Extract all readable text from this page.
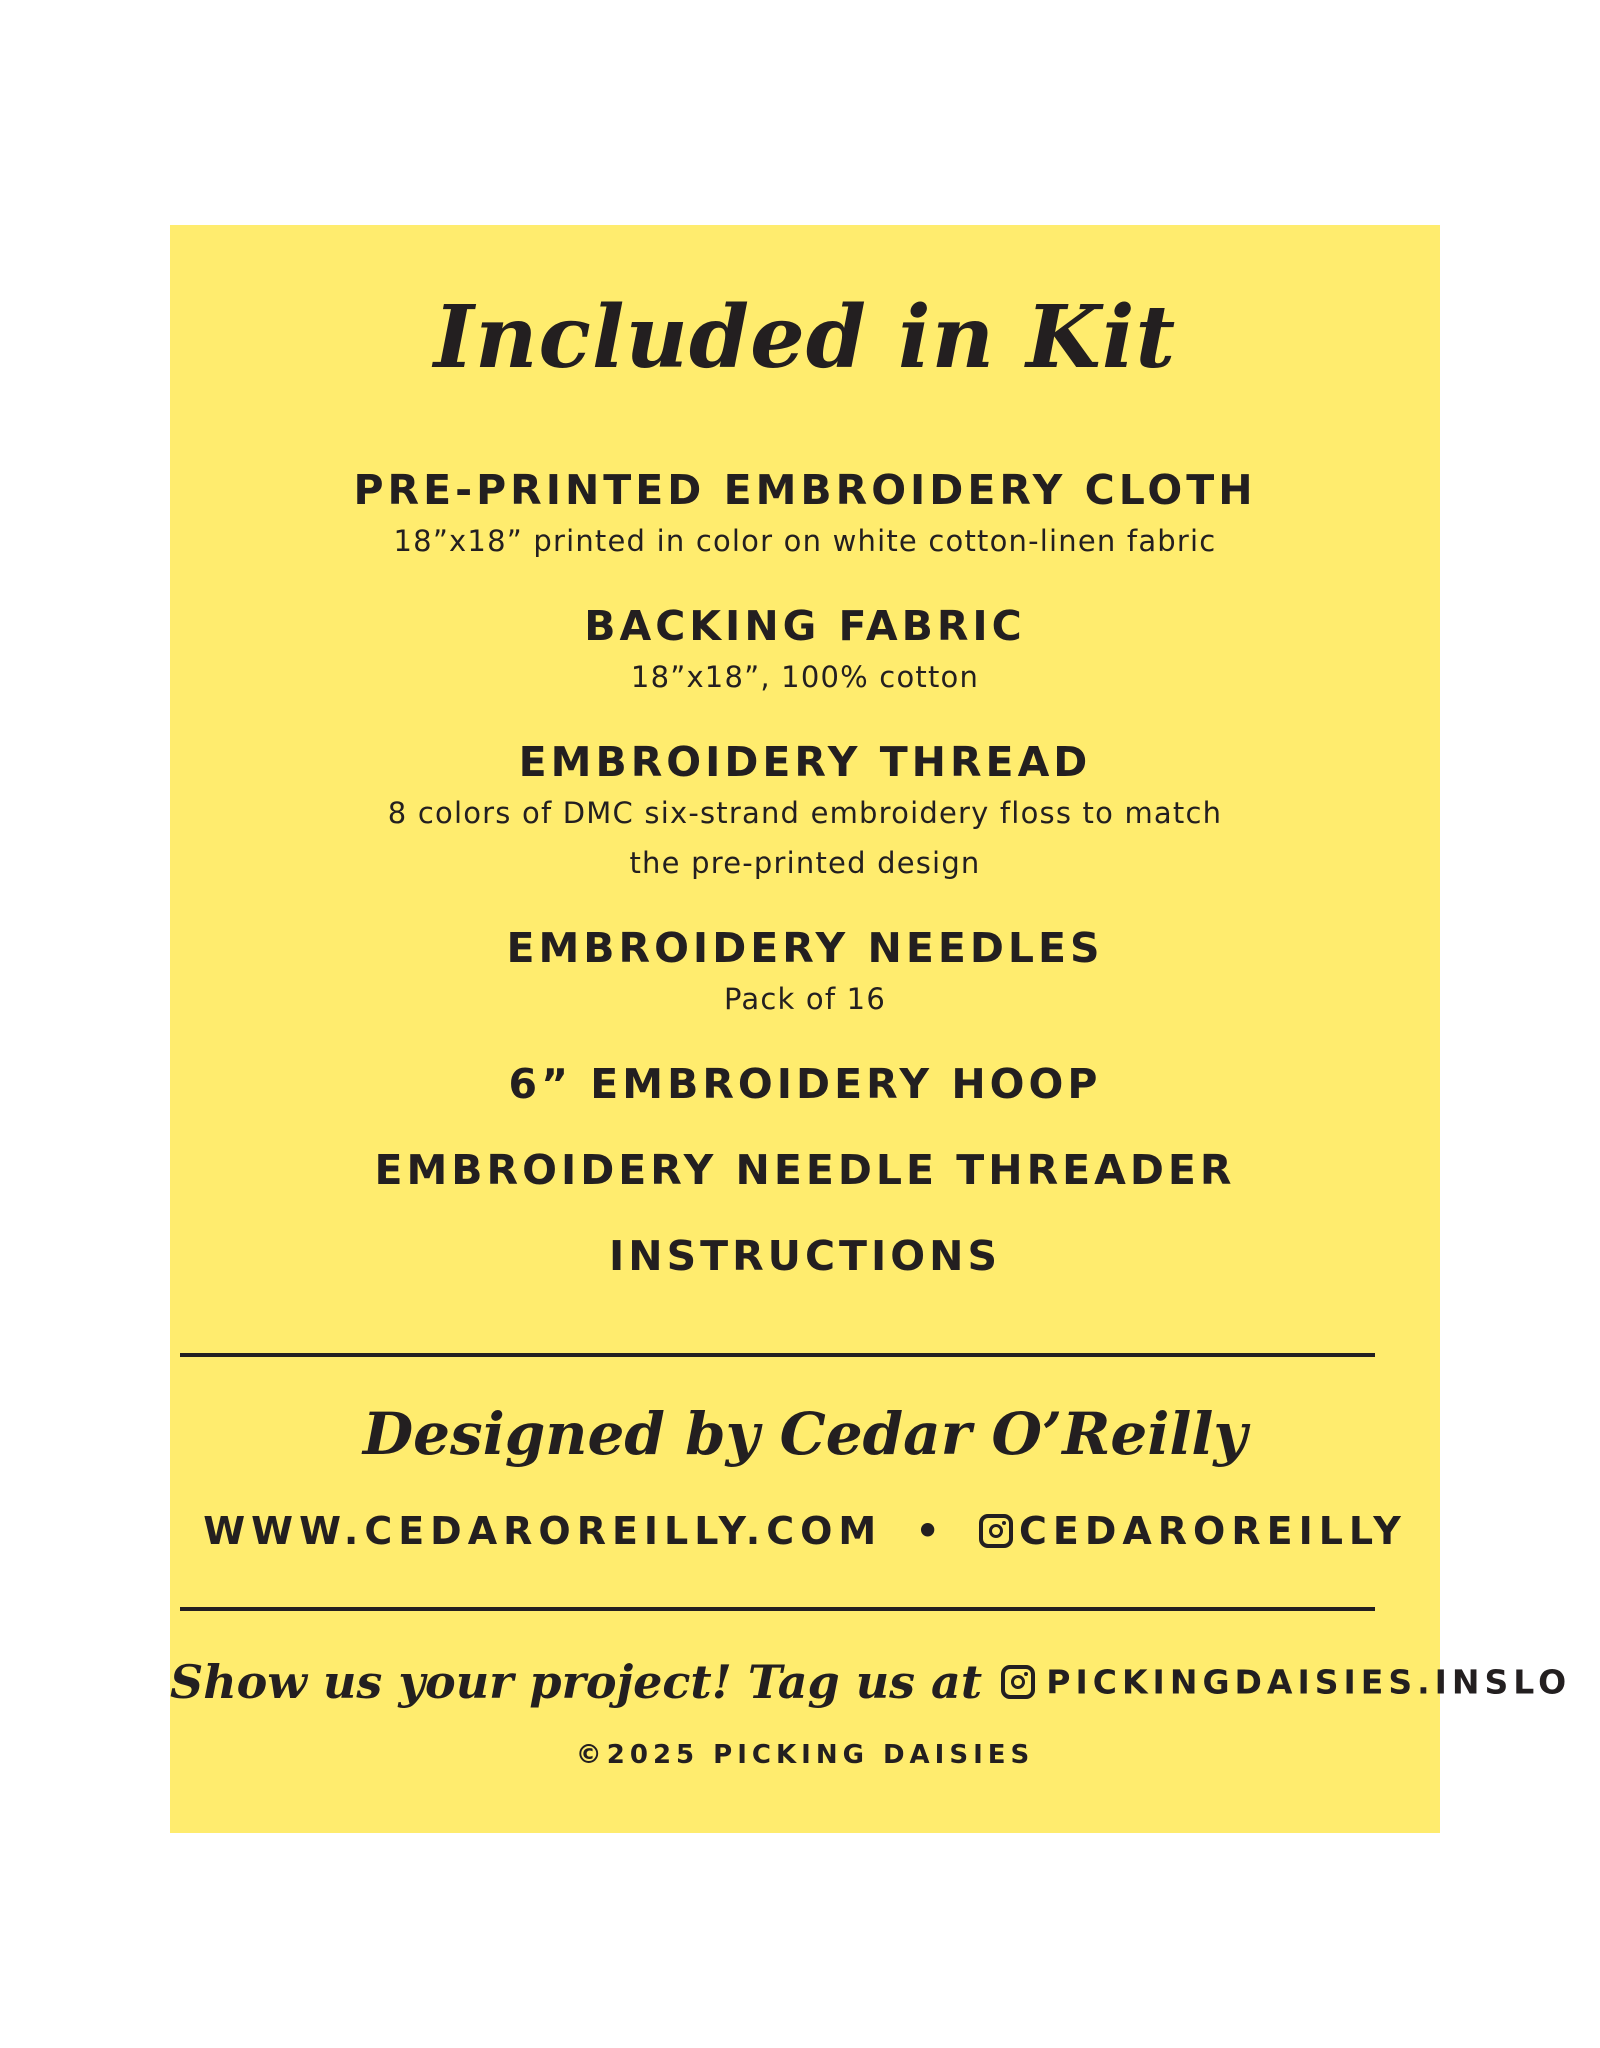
Included in Kit
PRE-PRINTED EMBROIDERY CLOTH
18”x18” printed in color on white cotton-linen fabric
BACKING FABRIC
18”x18”, 100% cotton
EMBROIDERY THREAD
8 colors of DMC six-strand embroidery floss to match
the pre-printed design
EMBROIDERY NEEDLES
Pack of 16
6” EMBROIDERY HOOP
EMBROIDERY NEEDLE THREADER
INSTRUCTIONS
Designed by Cedar O’Reilly
WWW.CEDAROREILLY.COM • CEDAROREILLY
Show us your project! Tag us at PICKINGDAISIES.INSLO
©2025 PICKING DAISIES
